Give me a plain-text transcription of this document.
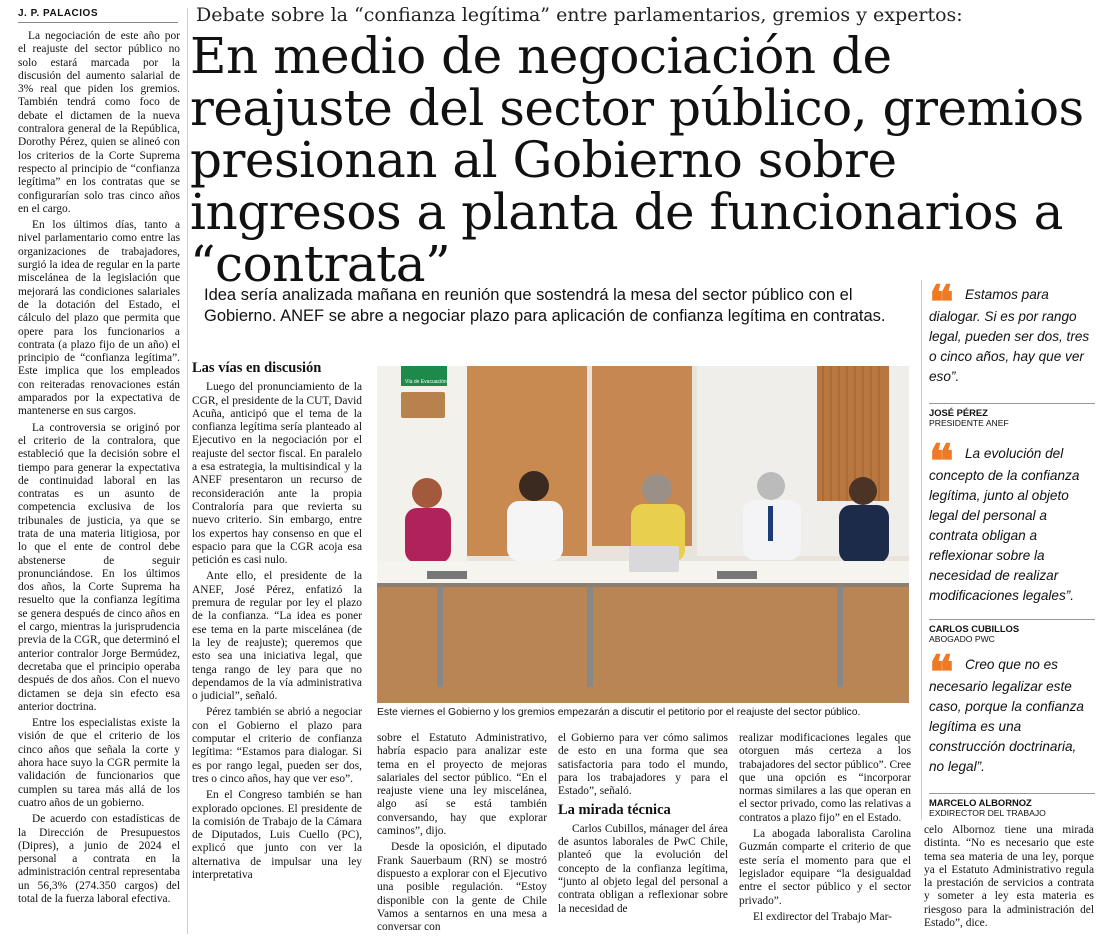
J. P. PALACIOS

La negociación de este año por el reajuste del sector público no solo estará marcada por la discusión del aumento salarial de 3% real que piden los gremios. También tendrá como foco de debate el dictamen de la nueva contralora general de la República, Dorothy Pérez, quien se alineó con los criterios de la Corte Suprema respecto al principio de “confianza legítima” en los contratas que se configurarían solo tras cinco años en el cargo.

En los últimos días, tanto a nivel parlamentario como entre las organizaciones de trabajadores, surgió la idea de regular en la parte miscelánea de la legislación que mejorará las condiciones salariales de la dotación del Estado, el cálculo del plazo que permita que opere para los funcionarios a contrata (a plazo fijo de un año) el principio de “confianza legítima”. Este implica que los empleados con reiteradas renovaciones están amparados por la expectativa de mantenerse en sus cargos.

La controversia se originó por el criterio de la contralora, que estableció que la decisión sobre el tiempo para generar la expectativa de continuidad laboral en las contratas es un asunto de competencia exclusiva de los tribunales de justicia, ya que se trata de una materia litigiosa, por lo que el ente de control debe abstenerse de seguir pronunciándose. En los últimos dos años, la Corte Suprema ha resuelto que la confianza legítima se genera después de cinco años en el cargo, mientras la jurisprudencia previa de la CGR, que determinó el anterior contralor Jorge Bermúdez, decretaba que el principio operaba después de dos años. Con el nuevo dictamen se deja sin efecto esa anterior doctrina.

Entre los especialistas existe la visión de que el criterio de los cinco años que señala la corte y ahora hace suyo la CGR permite la validación de funcionarios que cumplen su tarea más allá de los cuatro años de un gobierno.

De acuerdo con estadísticas de la Dirección de Presupuestos (Dipres), a junio de 2024 el personal a contrata en la administración central representaba un 56,3% (274.350 cargos) del total de la fuerza laboral efectiva.

Debate sobre la “confianza legítima” entre parlamentarios, gremios y expertos:
En medio de negociación de reajuste del sector público, gremios presionan al Gobierno sobre ingresos a planta de funcionarios a “contrata”
Idea sería analizada mañana en reunión que sostendrá la mesa del sector público con el Gobierno. ANEF se abre a negociar plazo para aplicación de confianza legítima en contratas.
Las vías en discusión

Luego del pronunciamiento de la CGR, el presidente de la CUT, David Acuña, anticipó que el tema de la confianza legítima sería planteado al Ejecutivo en la negociación por el reajuste del sector fiscal. En paralelo a esa estrategia, la multisindical y la ANEF presentaron un recurso de reconsideración ante la propia Contraloría para que revierta su nuevo criterio. Sin embargo, entre los expertos hay consenso en que el espacio para que la CGR acoja esa petición es casi nulo.

Ante ello, el presidente de la ANEF, José Pérez, enfatizó la premura de regular por ley el plazo de la confianza. “La idea es poner ese tema en la parte miscelánea (de la ley de reajuste); queremos que esto sea una iniciativa legal, que tenga rango de ley para que no dependamos de la vía administrativa o judicial”, señaló.

Pérez también se abrió a negociar con el Gobierno el plazo para computar el criterio de confianza legítima: “Estamos para dialogar. Si es por rango legal, pueden ser dos, tres o cinco años, hay que ver eso”.

En el Congreso también se han explorado opciones. El presidente de la comisión de Trabajo de la Cámara de Diputados, Luis Cuello (PC), explicó que junto con ver la alternativa de impulsar una ley interpretativa

Vía de Evacuación
Este viernes el Gobierno y los gremios empezarán a discutir el petitorio por el reajuste del sector público.

sobre el Estatuto Administrativo, habría espacio para analizar este tema en el proyecto de mejoras salariales del sector público. “En el reajuste viene una ley miscelánea, algo así se está también conversando, hay que explorar caminos”, dijo.

Desde la oposición, el diputado Frank Sauerbaum (RN) se mostró dispuesto a explorar con el Ejecutivo una posible regulación. “Estoy disponible con la gente de Chile Vamos a sentarnos en una mesa a conversar con

el Gobierno para ver cómo salimos de esto en una forma que sea satisfactoria para todo el mundo, para los trabajadores y para el Estado”, señaló.

La mirada técnica

Carlos Cubillos, mánager del área de asuntos laborales de PwC Chile, planteó que la evolución del concepto de la confianza legítima, “junto al objeto legal del personal a contrata obligan a reflexionar sobre la necesidad de

realizar modificaciones legales que otorguen más certeza a los trabajadores del sector público”. Cree que una opción es “incorporar normas similares a las que operan en el sector privado, como las relativas a contratos a plazo fijo” en el Estado.

La abogada laboralista Carolina Guzmán comparte el criterio de que este sería el momento para que el legislador equipare “la desigualdad entre el sector público y el sector privado”.

El exdirector del Trabajo Mar-

❝ Estamos para dialogar. Si es por rango legal, pueden ser dos, tres o cinco años, hay que ver eso”.
JOSÉ PÉREZ
PRESIDENTE ANEF
❝ La evolución del concepto de la confianza legítima, junto al objeto legal del personal a contrata obligan a reflexionar sobre la necesidad de realizar modificaciones legales”.
CARLOS CUBILLOS
ABOGADO PWC
❝ Creo que no es necesario legalizar este caso, porque la confianza legítima es una construcción doctrinaria, no legal”.
MARCELO ALBORNOZ
EXDIRECTOR DEL TRABAJO

celo Albornoz tiene una mirada distinta. “No es necesario que este tema sea materia de una ley, porque ya el Estatuto Administrativo regula la prestación de servicios a contrata y someter a ley esta materia es riesgoso para la administración del Estado”, dice.
